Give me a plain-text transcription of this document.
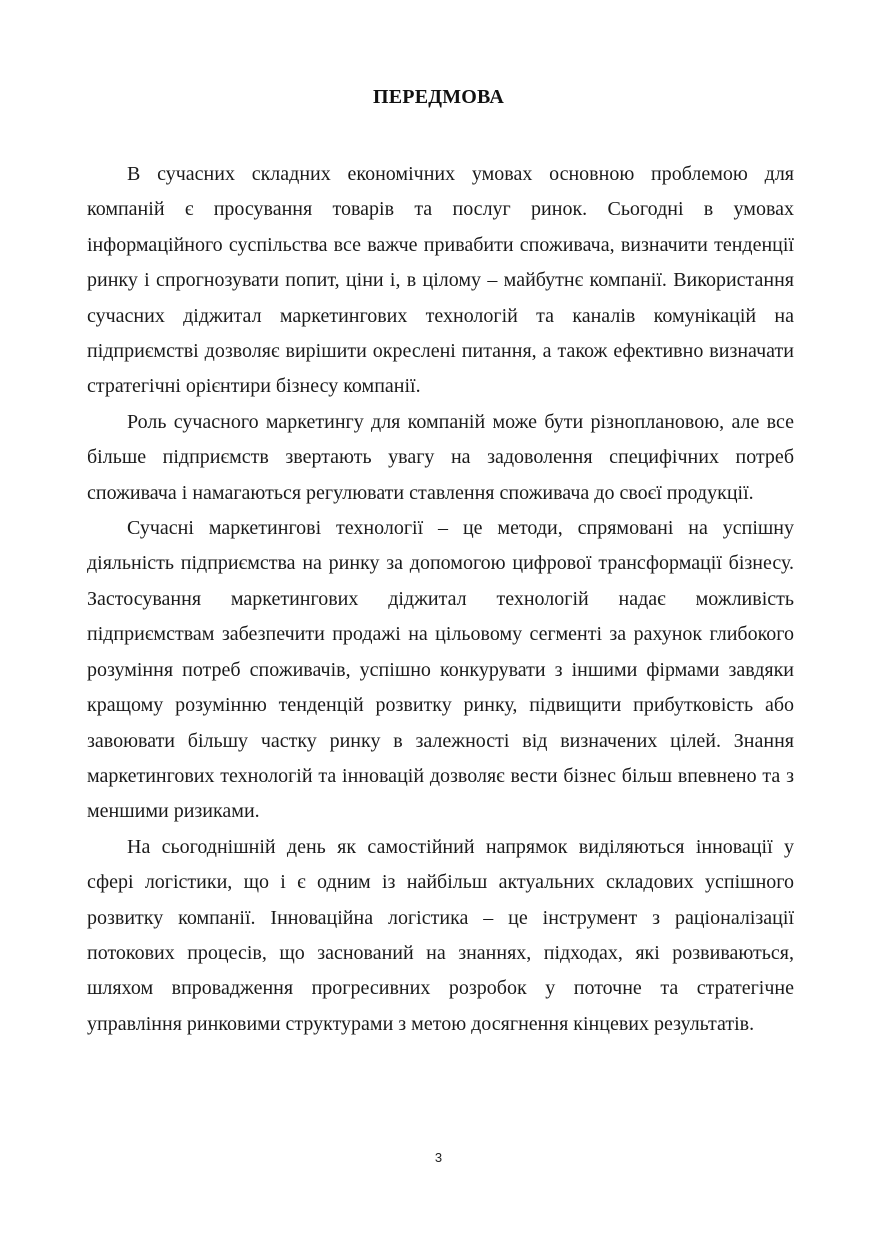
ПЕРЕДМОВА

В сучасних складних економічних умовах основною проблемою для компаній є просування товарів та послуг ринок. Сьогодні в умовах інформаційного суспільства все важче привабити споживача, визначити тенденції ринку і спрогнозувати попит, ціни і, в цілому – майбутнє компанії. Використання сучасних діджитал маркетингових технологій та каналів комунікацій на підприємстві дозволяє вирішити окреслені питання, а також ефективно визначати стратегічні орієнтири бізнесу компанії.

Роль сучасного маркетингу для компаній може бути різноплановою, але все більше підприємств звертають увагу на задоволення специфічних потреб споживача і намагаються регулювати ставлення споживача до своєї продукції.

Сучасні маркетингові технології – це методи, спрямовані на успішну діяльність підприємства на ринку за допомогою цифрової трансформації бізнесу. Застосування маркетингових діджитал технологій надає можливість підприємствам забезпечити продажі на цільовому сегменті за рахунок глибокого розуміння потреб споживачів, успішно конкурувати з іншими фірмами завдяки кращому розумінню тенденцій розвитку ринку, підвищити прибутковість або завоювати більшу частку ринку в залежності від визначених цілей. Знання маркетингових технологій та інновацій дозволяє вести бізнес більш впевнено та з меншими ризиками.

На сьогоднішній день як самостійний напрямок виділяються інновації у сфері логістики, що і є одним із найбільш актуальних складових успішного розвитку компанії. Інноваційна логістика – це інструмент з раціоналізації потокових процесів, що заснований на знаннях, підходах, які розвиваються, шляхом впровадження прогресивних розробок у поточне та стратегічне управління ринковими структурами з метою досягнення кінцевих результатів.

3
